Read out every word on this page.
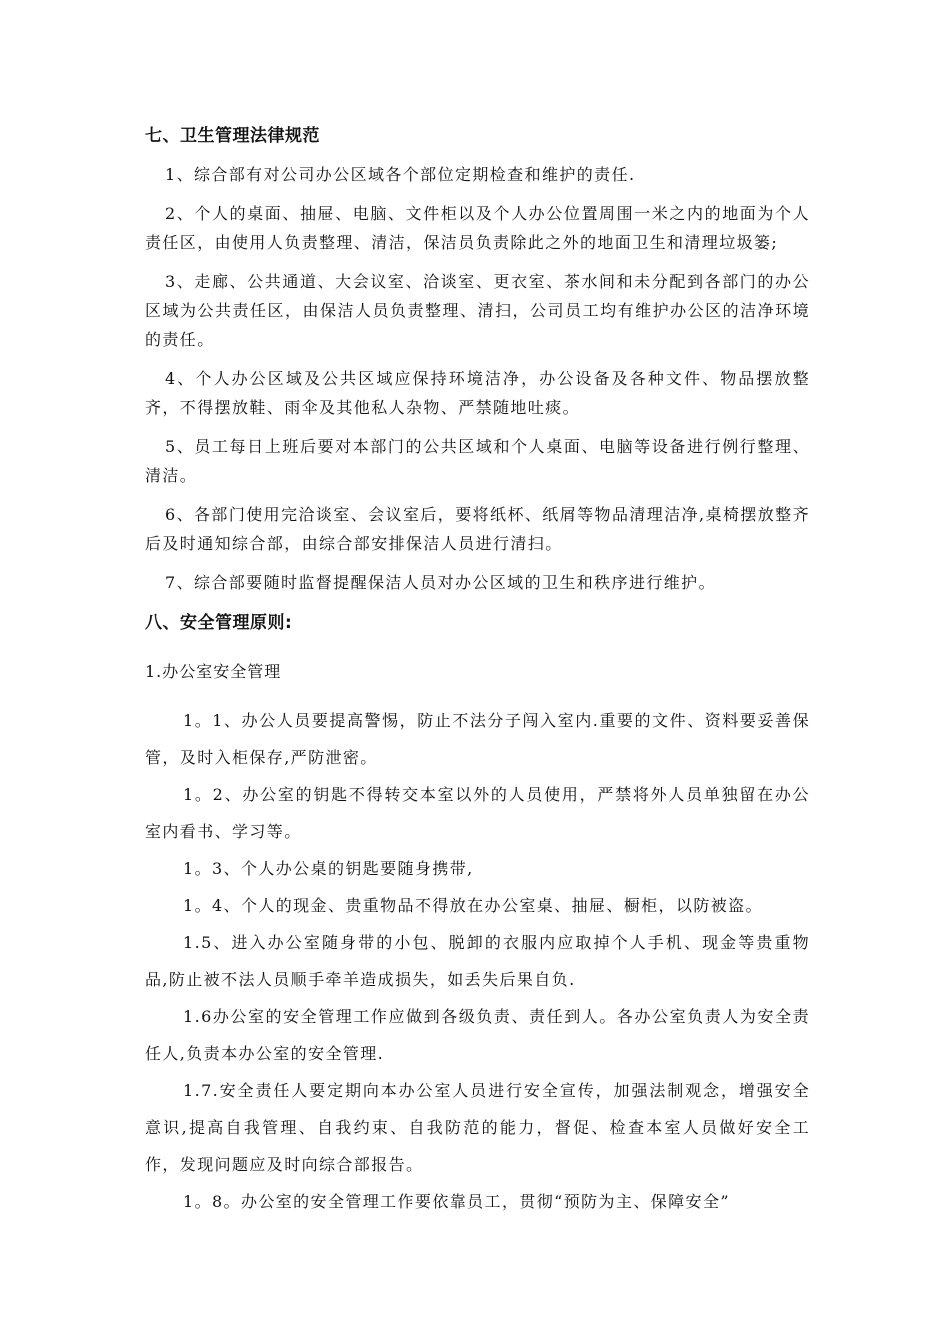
七、卫生管理法律规范

1、综合部有对公司办公区域各个部位定期检查和维护的责任.

2、个人的桌面、抽屉、电脑、文件柜以及个人办公位置周围一米之内的地面为个人责任区，由使用人负责整理、清洁，保洁员负责除此之外的地面卫生和清理垃圾篓;

3、走廊、公共通道、大会议室、洽谈室、更衣室、茶水间和未分配到各部门的办公区域为公共责任区，由保洁人员负责整理、清扫，公司员工均有维护办公区的洁净环境的责任。

4、个人办公区域及公共区域应保持环境洁净，办公设备及各种文件、物品摆放整齐，不得摆放鞋、雨伞及其他私人杂物、严禁随地吐痰。

5、员工每日上班后要对本部门的公共区域和个人桌面、电脑等设备进行例行整理、清洁。

6、各部门使用完洽谈室、会议室后，要将纸杯、纸屑等物品清理洁净,桌椅摆放整齐后及时通知综合部，由综合部安排保洁人员进行清扫。

7、综合部要随时监督提醒保洁人员对办公区域的卫生和秩序进行维护。

八、安全管理原则:

1.办公室安全管理

1。1、办公人员要提高警惕，防止不法分子闯入室内.重要的文件、资料要妥善保管，及时入柜保存,严防泄密。

1。2、办公室的钥匙不得转交本室以外的人员使用，严禁将外人员单独留在办公室内看书、学习等。

1。3、个人办公桌的钥匙要随身携带,

1。4、个人的现金、贵重物品不得放在办公室桌、抽屉、橱柜，以防被盗。

1.5、进入办公室随身带的小包、脱卸的衣服内应取掉个人手机、现金等贵重物品,防止被不法人员顺手牵羊造成损失，如丢失后果自负.

1.6办公室的安全管理工作应做到各级负责、责任到人。各办公室负责人为安全责任人,负责本办公室的安全管理.

1.7.安全责任人要定期向本办公室人员进行安全宣传，加强法制观念，增强安全意识,提高自我管理、自我约束、自我防范的能力，督促、检查本室人员做好安全工作，发现问题应及时向综合部报告。

1。8。办公室的安全管理工作要依靠员工，贯彻“预防为主、保障安全”
